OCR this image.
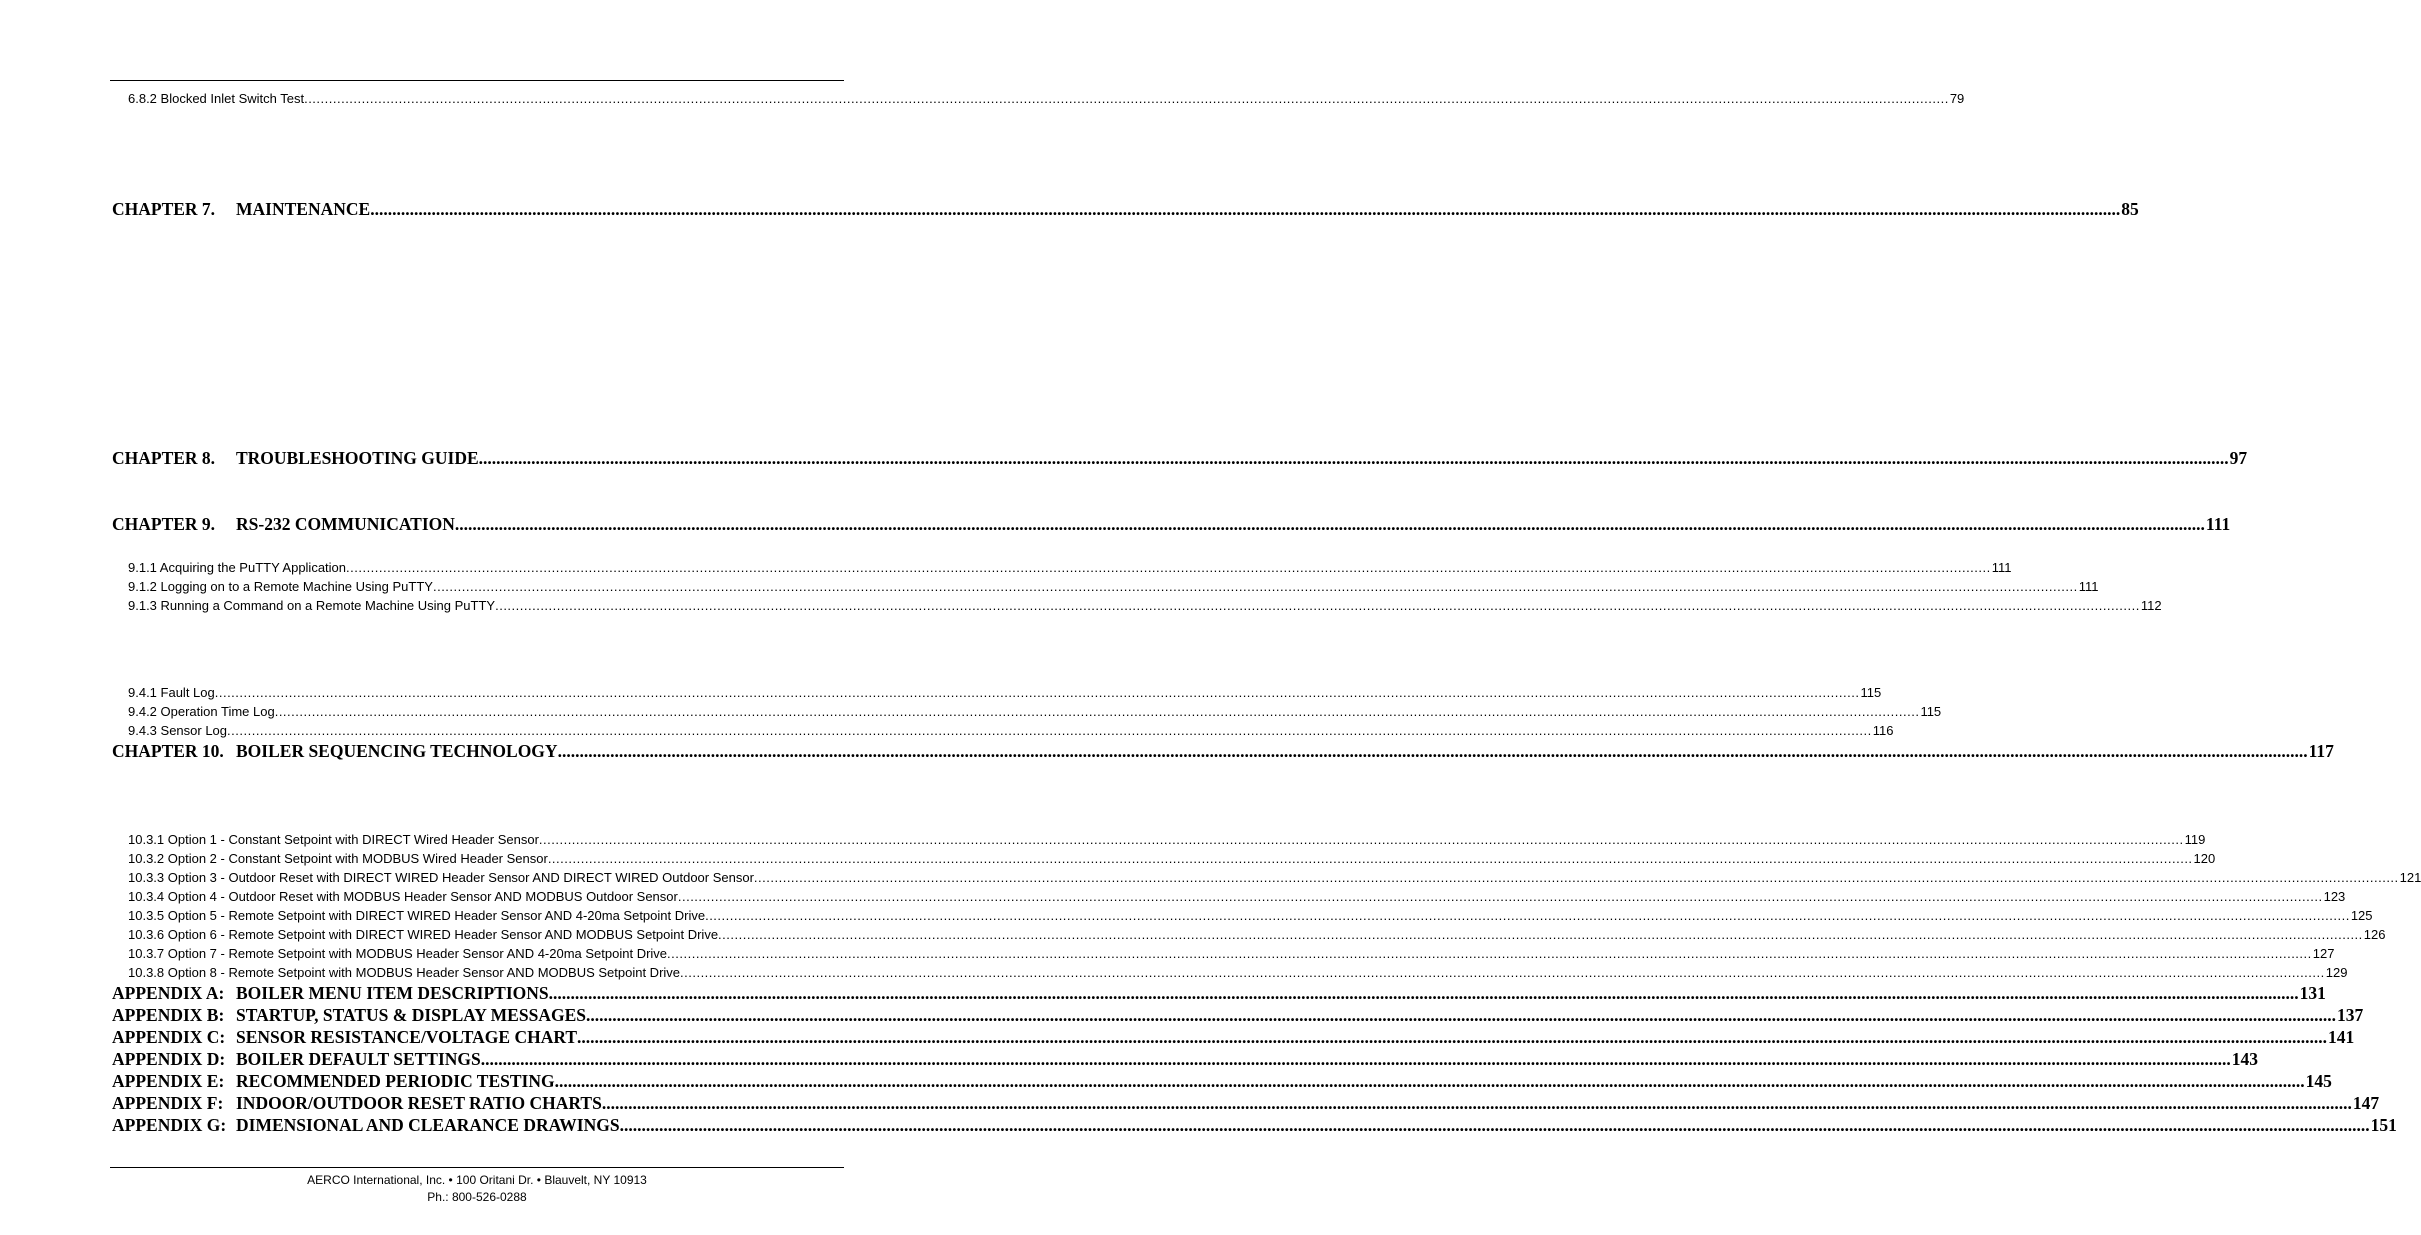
6.8.2 Blocked Inlet Switch Test ................................................................................................................................................................................................................................................................................................................................................................................................................ 79
CHAPTER 7. MAINTENANCE ................................................................................................................................................................................................................................................................................................................................................................................................................ 85
CHAPTER 8. TROUBLESHOOTING GUIDE ................................................................................................................................................................................................................................................................................................................................................................................................................ 97
CHAPTER 9. RS-232 COMMUNICATION ................................................................................................................................................................................................................................................................................................................................................................................................................ 111
9.1.1 Acquiring the PuTTY Application ................................................................................................................................................................................................................................................................................................................................................................................................................ 111
9.1.2 Logging on to a Remote Machine Using PuTTY ................................................................................................................................................................................................................................................................................................................................................................................................................ 111
9.1.3 Running a Command on a Remote Machine Using PuTTY ................................................................................................................................................................................................................................................................................................................................................................................................................ 112
9.4.1 Fault Log ................................................................................................................................................................................................................................................................................................................................................................................................................ 115
9.4.2 Operation Time Log ................................................................................................................................................................................................................................................................................................................................................................................................................ 115
9.4.3 Sensor Log ................................................................................................................................................................................................................................................................................................................................................................................................................ 116
CHAPTER 10. BOILER SEQUENCING TECHNOLOGY ................................................................................................................................................................................................................................................................................................................................................................................................................ 117
10.3.1 Option 1 - Constant Setpoint with DIRECT Wired Header Sensor ................................................................................................................................................................................................................................................................................................................................................................................................................ 119
10.3.2 Option 2 - Constant Setpoint with MODBUS Wired Header Sensor ................................................................................................................................................................................................................................................................................................................................................................................................................ 120
10.3.3 Option 3 - Outdoor Reset with DIRECT WIRED Header Sensor AND DIRECT WIRED Outdoor Sensor ................................................................................................................................................................................................................................................................................................................................................................................................................ 121
10.3.4 Option 4 - Outdoor Reset with MODBUS Header Sensor AND MODBUS Outdoor Sensor ................................................................................................................................................................................................................................................................................................................................................................................................................ 123
10.3.5 Option 5 - Remote Setpoint with DIRECT WIRED Header Sensor AND 4-20ma Setpoint Drive ................................................................................................................................................................................................................................................................................................................................................................................................................ 125
10.3.6 Option 6 - Remote Setpoint with DIRECT WIRED Header Sensor AND MODBUS Setpoint Drive ................................................................................................................................................................................................................................................................................................................................................................................................................ 126
10.3.7 Option 7 - Remote Setpoint with MODBUS Header Sensor AND 4-20ma Setpoint Drive ................................................................................................................................................................................................................................................................................................................................................................................................................ 127
10.3.8 Option 8 - Remote Setpoint with MODBUS Header Sensor AND MODBUS Setpoint Drive ................................................................................................................................................................................................................................................................................................................................................................................................................ 129
APPENDIX A: BOILER MENU ITEM DESCRIPTIONS ................................................................................................................................................................................................................................................................................................................................................................................................................ 131
APPENDIX B: STARTUP, STATUS & DISPLAY MESSAGES ................................................................................................................................................................................................................................................................................................................................................................................................................ 137
APPENDIX C: SENSOR RESISTANCE/VOLTAGE CHART ................................................................................................................................................................................................................................................................................................................................................................................................................ 141
APPENDIX D: BOILER DEFAULT SETTINGS ................................................................................................................................................................................................................................................................................................................................................................................................................ 143
APPENDIX E: RECOMMENDED PERIODIC TESTING ................................................................................................................................................................................................................................................................................................................................................................................................................ 145
APPENDIX F: INDOOR/OUTDOOR RESET RATIO CHARTS ................................................................................................................................................................................................................................................................................................................................................................................................................ 147
APPENDIX G: DIMENSIONAL AND CLEARANCE DRAWINGS ................................................................................................................................................................................................................................................................................................................................................................................................................ 151
AERCO International, Inc. • 100 Oritani Dr. • Blauvelt, NY 10913
Ph.: 800-526-0288
